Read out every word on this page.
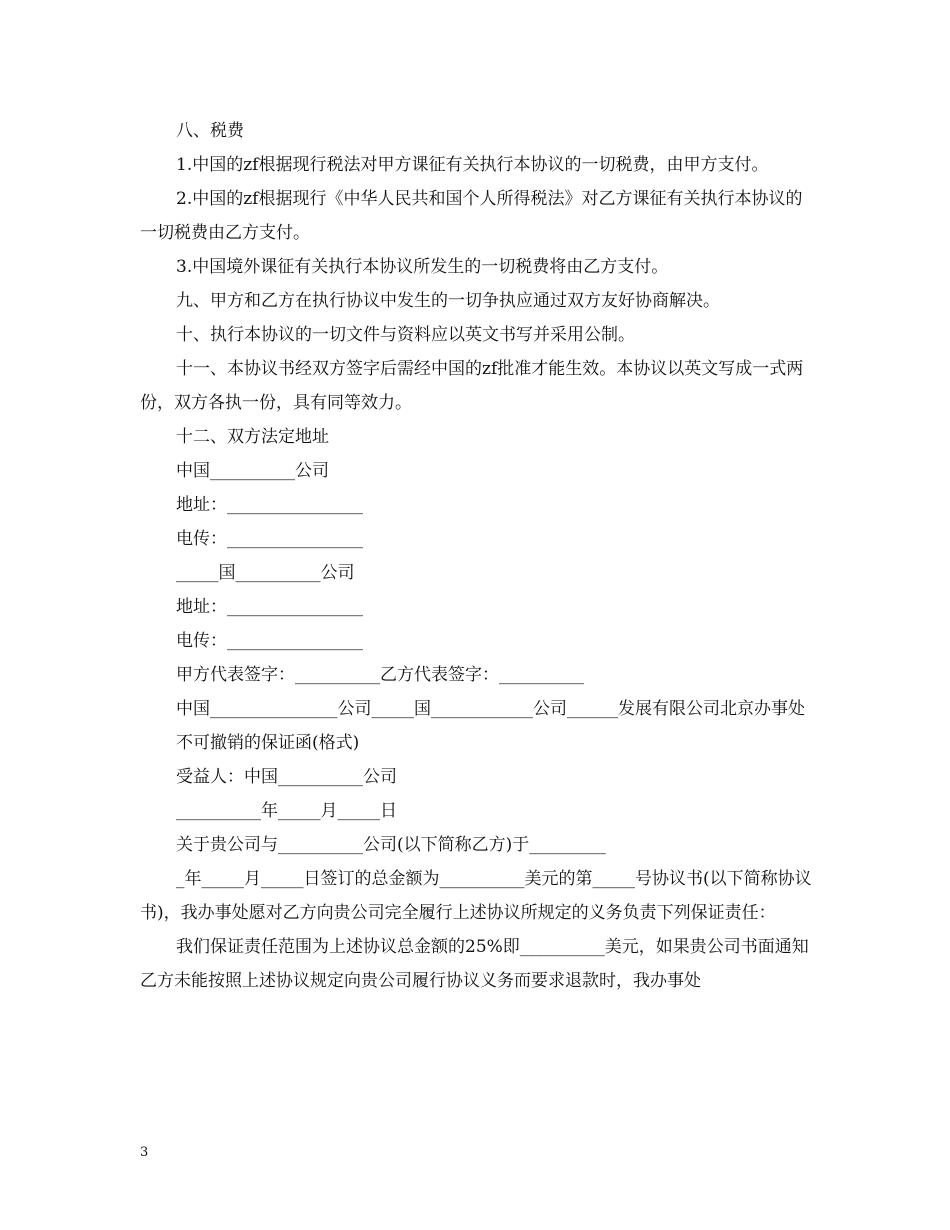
八、税费

1.中国的zf根据现行税法对甲方课征有关执行本协议的一切税费，由甲方支付。

2.中国的zf根据现行《中华人民共和国个人所得税法》对乙方课征有关执行本协议的一切税费由乙方支付。

3.中国境外课征有关执行本协议所发生的一切税费将由乙方支付。

九、甲方和乙方在执行协议中发生的一切争执应通过双方友好协商解决。

十、执行本协议的一切文件与资料应以英文书写并采用公制。

十一、本协议书经双方签字后需经中国的zf批准才能生效。本协议以英文写成一式两份，双方各执一份，具有同等效力。

十二、双方法定地址

中国__________公司

地址：________________

电传：________________

_____国__________公司

地址：________________

电传：________________

甲方代表签字：__________乙方代表签字：__________

中国_______________公司_____国____________公司______发展有限公司北京办事处

不可撤销的保证函(格式)

受益人：中国__________公司

__________年_____月_____日

关于贵公司与__________公司(以下简称乙方)于_________

_年_____月_____日签订的总金额为__________美元的第_____号协议书(以下简称协议书)，我办事处愿对乙方向贵公司完全履行上述协议所规定的义务负责下列保证责任：

我们保证责任范围为上述协议总金额的25%即__________美元，如果贵公司书面通知乙方未能按照上述协议规定向贵公司履行协议义务而要求退款时，我办事处

3
